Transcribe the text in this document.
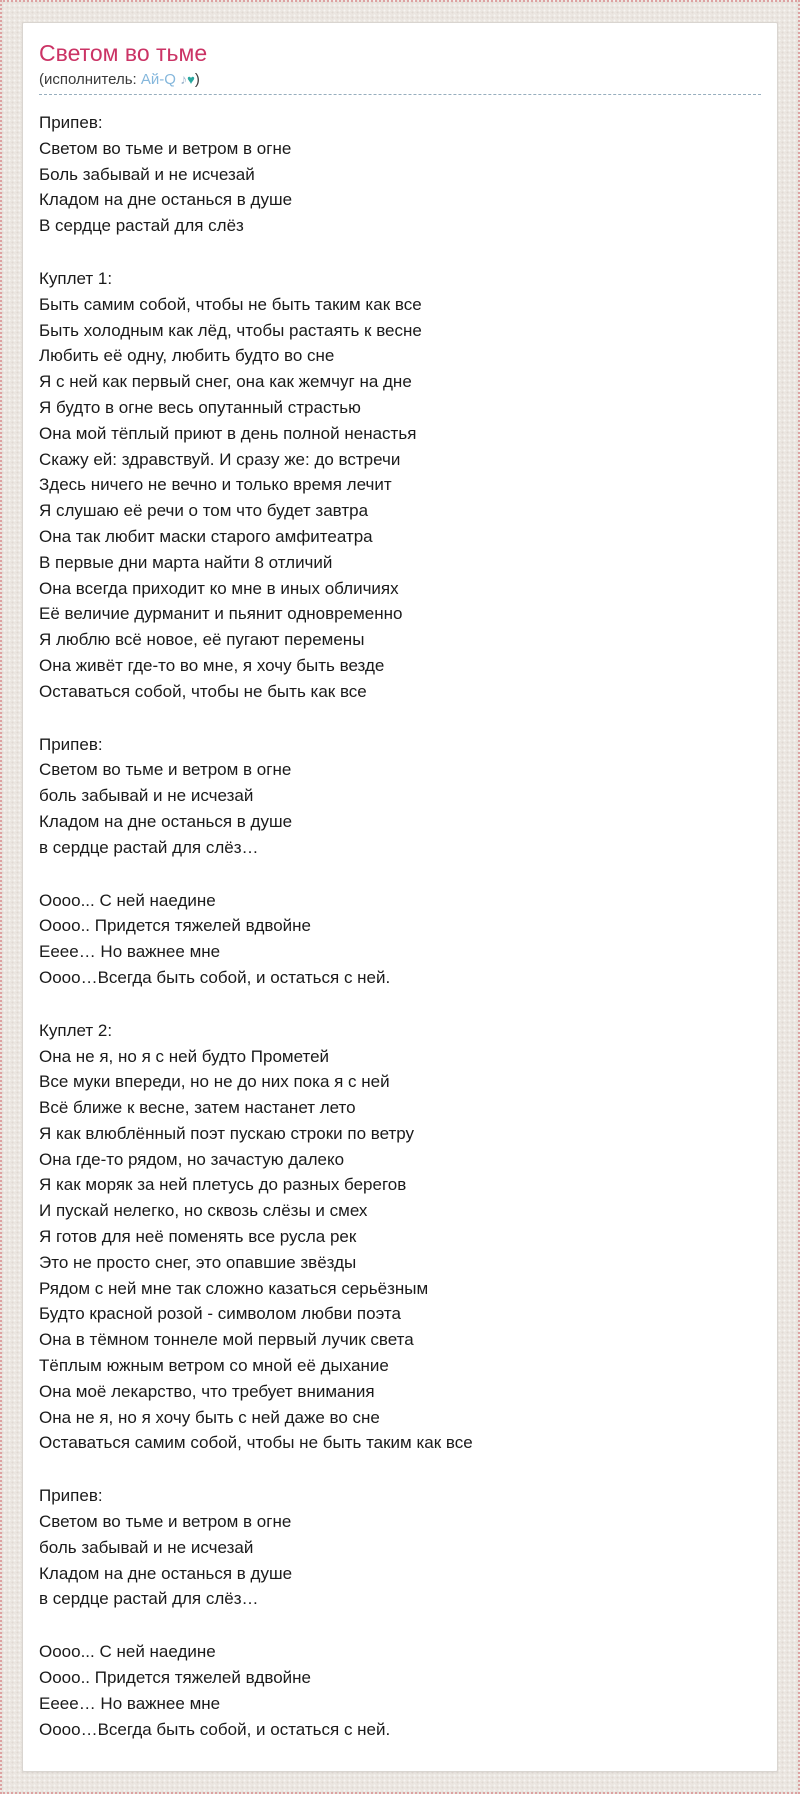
Светом во тьме
(исполнитель: Ай-Q ♪♥)
Припев:
Светом во тьме и ветром в огне
Боль забывай и не исчезай
Кладом на дне останься в душе
В сердце растай для слёз
Куплет 1:
Быть самим собой, чтобы не быть таким как все
Быть холодным как лёд, чтобы растаять к весне
Любить её одну, любить будто во сне
Я с ней как первый снег, она как жемчуг на дне
Я будто в огне весь опутанный страстью
Она мой тёплый приют в день полной ненастья
Скажу ей: здравствуй. И сразу же: до встречи
Здесь ничего не вечно и только время лечит
Я слушаю её речи о том что будет завтра
Она так любит маски старого амфитеатра
В первые дни марта найти 8 отличий
Она всегда приходит ко мне в иных обличиях
Её величие дурманит и пьянит одновременно
Я люблю всё новое, её пугают перемены
Она живёт где-то во мне, я хочу быть везде
Оставаться собой, чтобы не быть как все
Припев:
Светом во тьме и ветром в огне
боль забывай и не исчезай
Кладом на дне останься в душе
в сердце растай для слёз…
Оооо... С ней наедине
Оооо.. Придется тяжелей вдвойне
Ееее… Но важнее мне
Оооо…Всегда быть собой, и остаться с ней.
Куплет 2:
Она не я, но я с ней будто Прометей
Все муки впереди, но не до них пока я с ней
Всё ближе к весне, затем настанет лето
Я как влюблённый поэт пускаю строки по ветру
Она где-то рядом, но зачастую далеко
Я как моряк за ней плетусь до разных берегов
И пускай нелегко, но сквозь слёзы и смех
Я готов для неё поменять все русла рек
Это не просто снег, это опавшие звёзды
Рядом с ней мне так сложно казаться серьёзным
Будто красной розой - символом любви поэта
Она в тёмном тоннеле мой первый лучик света
Тёплым южным ветром со мной её дыхание
Она моё лекарство, что требует внимания
Она не я, но я хочу быть с ней даже во сне
Оставаться самим собой, чтобы не быть таким как все
Припев:
Светом во тьме и ветром в огне
боль забывай и не исчезай
Кладом на дне останься в душе
в сердце растай для слёз…
Оооо... С ней наедине
Оооо.. Придется тяжелей вдвойне
Ееее… Но важнее мне
Оооо…Всегда быть собой, и остаться с ней.
